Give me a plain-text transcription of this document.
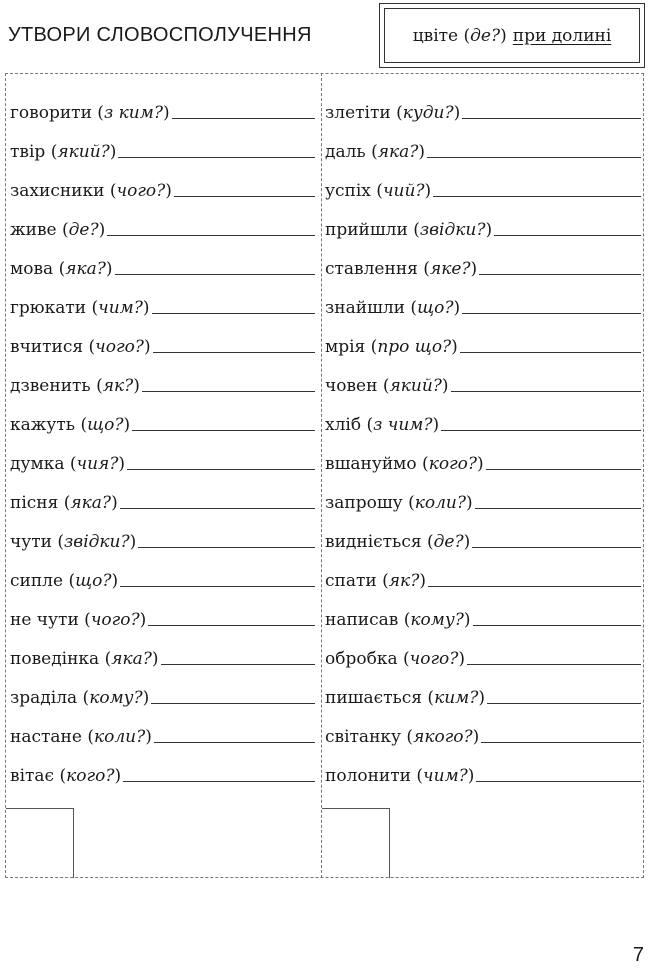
УТВОРИ СЛОВОСПОЛУЧЕННЯ	цвіте ( де? ) при долині
говорити ( з ким? )
твір ( який? )
захисники ( чого? )
живе ( де? )
мова ( яка? )
грюкати ( чим? )
вчитися ( чого? )
дзвенить ( як? )
кажуть ( що? )
думка ( чия? )
пісня ( яка? )
чути ( звідки? )
сипле ( що? )
не чути ( чого? )
поведінка ( яка? )
зраділа ( кому? )
настане ( коли? )
вітає ( кого? )
злетіти ( куди? )
даль ( яка? )
успіх ( чий? )
прийшли ( звідки? )
ставлення ( яке? )
знайшли ( що? )
мрія ( про що? )
човен ( який? )
хліб ( з чим? )
вшануймо ( кого? )
запрошу ( коли? )
видніється ( де? )
спати ( як? )
написав ( кому? )
обробка ( чого? )
пишається ( ким? )
світанку ( якого? )
полонити ( чим? )
7
